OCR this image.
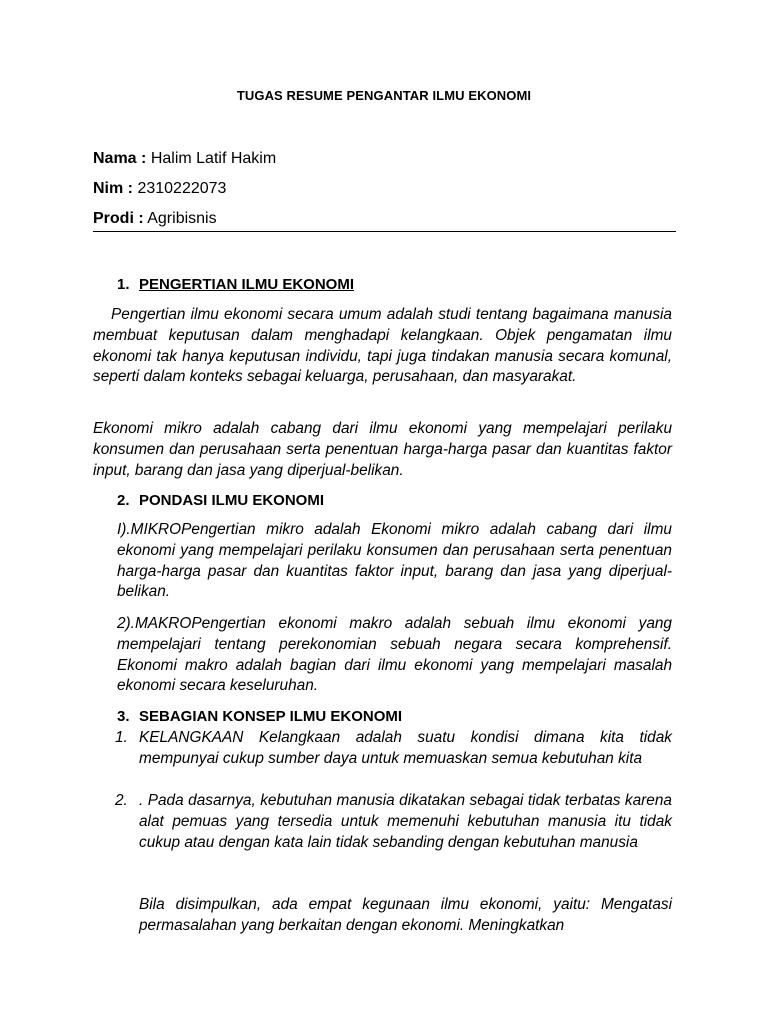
TUGAS RESUME PENGANTAR ILMU EKONOMI
Nama : Halim Latif Hakim
Nim : 2310222073
Prodi : Agribisnis
1. PENGERTIAN ILMU EKONOMI
Pengertian ilmu ekonomi secara umum adalah studi tentang bagaimana manusia membuat keputusan dalam menghadapi kelangkaan. Objek pengamatan ilmu ekonomi tak hanya keputusan individu, tapi juga tindakan manusia secara komunal, seperti dalam konteks sebagai keluarga, perusahaan, dan masyarakat.
Ekonomi mikro adalah cabang dari ilmu ekonomi yang mempelajari perilaku konsumen dan perusahaan serta penentuan harga-harga pasar dan kuantitas faktor input, barang dan jasa yang diperjual-belikan.
2. PONDASI ILMU EKONOMI
I).MIKROPengertian mikro adalah Ekonomi mikro adalah cabang dari ilmu ekonomi yang mempelajari perilaku konsumen dan perusahaan serta penentuan harga-harga pasar dan kuantitas faktor input, barang dan jasa yang diperjual-belikan.
2).MAKROPengertian ekonomi makro adalah sebuah ilmu ekonomi yang mempelajari tentang perekonomian sebuah negara secara komprehensif. Ekonomi makro adalah bagian dari ilmu ekonomi yang mempelajari masalah ekonomi secara keseluruhan.
3. SEBAGIAN KONSEP ILMU EKONOMI
1. KELANGKAAN Kelangkaan adalah suatu kondisi dimana kita tidak mempunyai cukup sumber daya untuk memuaskan semua kebutuhan kita
2. . Pada dasarnya, kebutuhan manusia dikatakan sebagai tidak terbatas karena alat pemuas yang tersedia untuk memenuhi kebutuhan manusia itu tidak cukup atau dengan kata lain tidak sebanding dengan kebutuhan manusia
Bila disimpulkan, ada empat kegunaan ilmu ekonomi, yaitu: Mengatasi permasalahan yang berkaitan dengan ekonomi. Meningkatkan
